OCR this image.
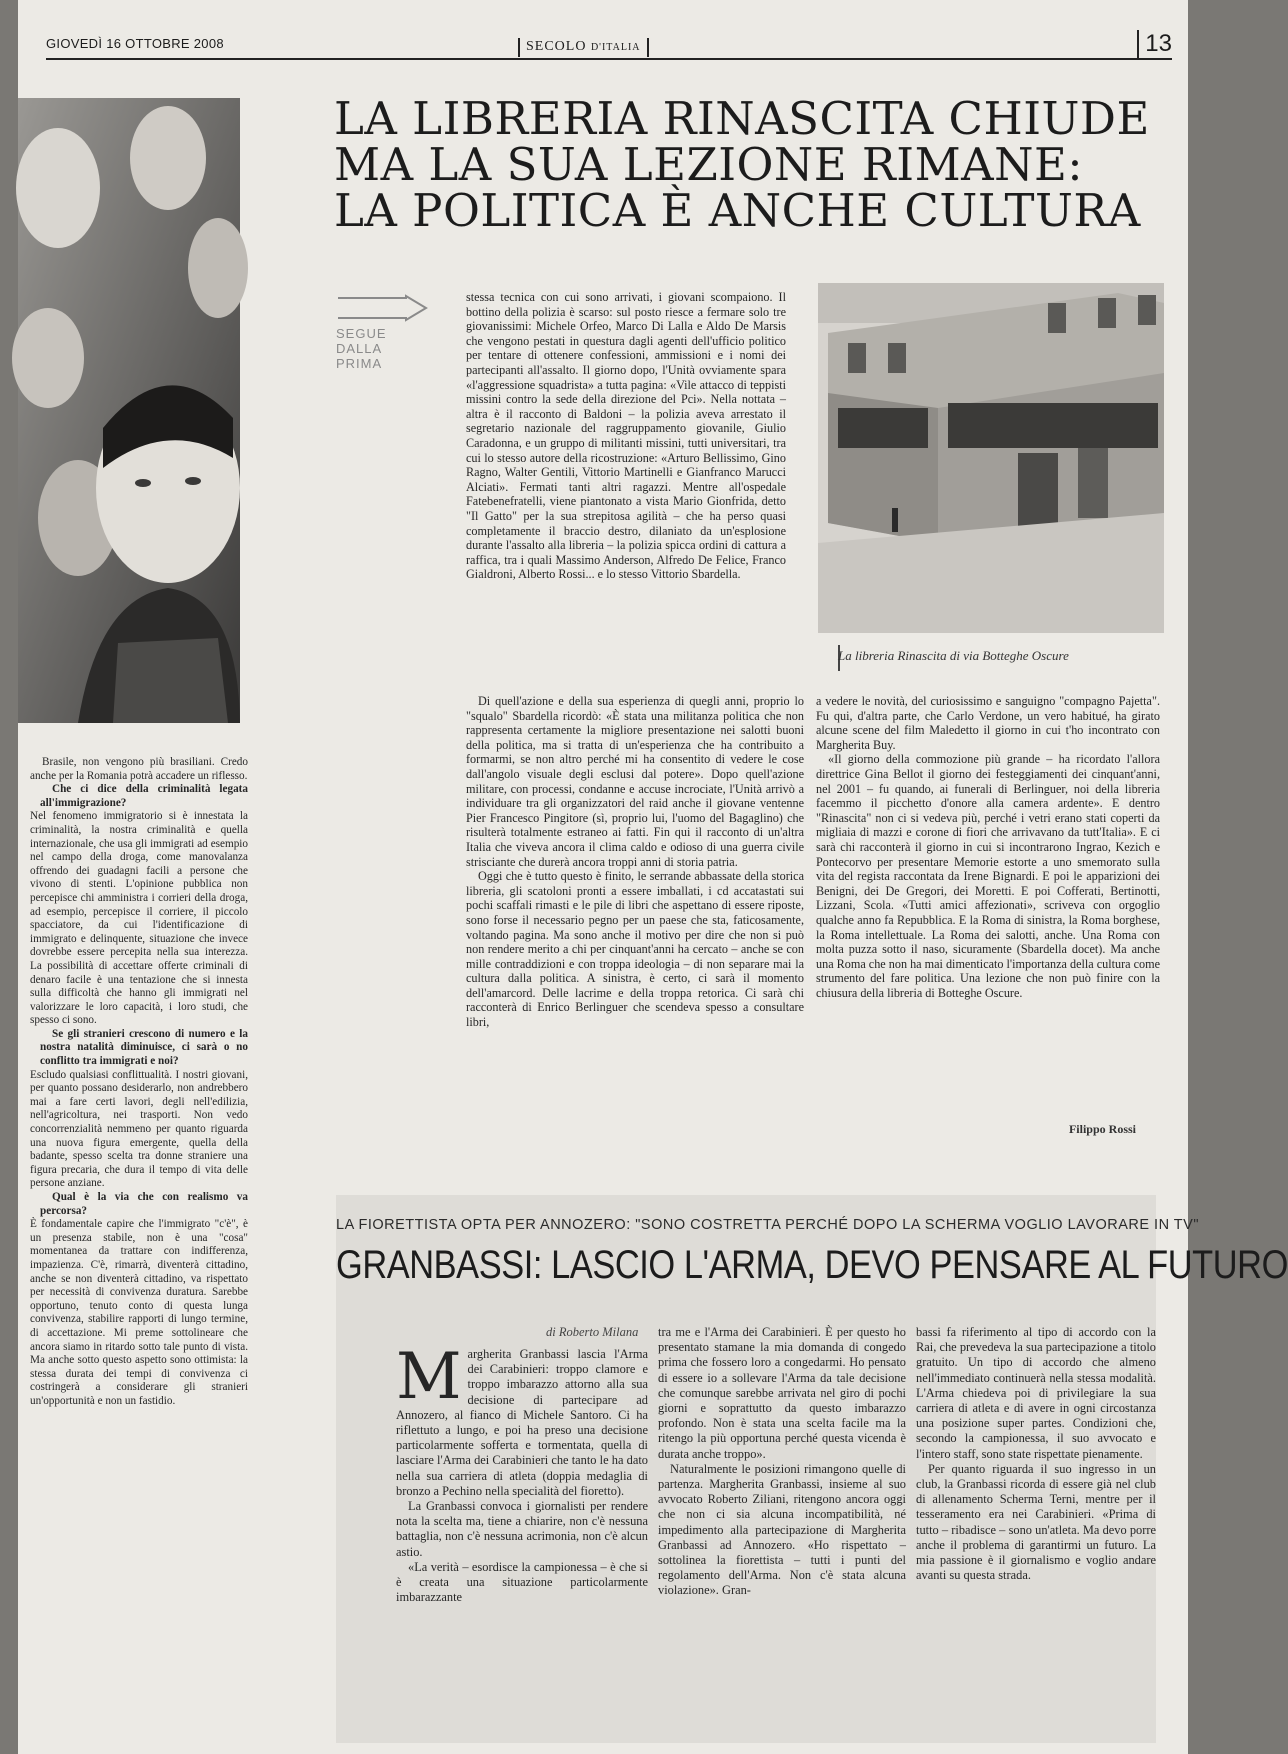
GIOVEDÌ 16 OTTOBRE 2008	SECOLO D'ITALIA	13
LA LIBRERIA RINASCITA CHIUDE
MA LA SUA LEZIONE RIMANE:
LA POLITICA È ANCHE CULTURA
SEGUE DALLA PRIMA

stessa tecnica con cui sono arrivati, i giovani scompaiono. Il bottino della polizia è scarso: sul posto riesce a fermare solo tre giovanissimi: Michele Orfeo, Marco Di Lalla e Aldo De Marsis che vengono pestati in questura dagli agenti dell'ufficio politico per tentare di ottenere confessioni, ammissioni e i nomi dei partecipanti all'assalto. Il giorno dopo, l'Unità ovviamente spara «l'aggressione squadrista» a tutta pagina: «Vile attacco di teppisti missini contro la sede della direzione del Pci». Nella nottata – altra è il racconto di Baldoni – la polizia aveva arrestato il segretario nazionale del raggruppamento giovanile, Giulio Caradonna, e un gruppo di militanti missini, tutti universitari, tra cui lo stesso autore della ricostruzione: «Arturo Bellissimo, Gino Ragno, Walter Gentili, Vittorio Martinelli e Gianfranco Marucci Alciati». Fermati tanti altri ragazzi. Mentre all'ospedale Fatebenefratelli, viene piantonato a vista Mario Gionfrida, detto "Il Gatto" per la sua strepitosa agilità – che ha perso quasi completamente il braccio destro, dilaniato da un'esplosione durante l'assalto alla libreria – la polizia spicca ordini di cattura a raffica, tra i quali Massimo Anderson, Alfredo De Felice, Franco Gialdroni, Alberto Rossi... e lo stesso Vittorio Sbardella.

La libreria Rinascita di via Botteghe Oscure

Di quell'azione e della sua esperienza di quegli anni, proprio lo "squalo" Sbardella ricordò: «È stata una militanza politica che non rappresenta certamente la migliore presentazione nei salotti buoni della politica, ma si tratta di un'esperienza che ha contribuito a formarmi, se non altro perché mi ha consentito di vedere le cose dall'angolo visuale degli esclusi dal potere». Dopo quell'azione militare, con processi, condanne e accuse incrociate, l'Unità arrivò a individuare tra gli organizzatori del raid anche il giovane ventenne Pier Francesco Pingitore (sì, proprio lui, l'uomo del Bagaglino) che risulterà totalmente estraneo ai fatti. Fin qui il racconto di un'altra Italia che viveva ancora il clima caldo e odioso di una guerra civile strisciante che durerà ancora troppi anni di storia patria.

Oggi che è tutto questo è finito, le serrande abbassate della storica libreria, gli scatoloni pronti a essere imballati, i cd accatastati sui pochi scaffali rimasti e le pile di libri che aspettano di essere riposte, sono forse il necessario pegno per un paese che sta, faticosamente, voltando pagina. Ma sono anche il motivo per dire che non si può non rendere merito a chi per cinquant'anni ha cercato – anche se con mille contraddizioni e con troppa ideologia – di non separare mai la cultura dalla politica. A sinistra, è certo, ci sarà il momento dell'amarcord. Delle lacrime e della troppa retorica. Ci sarà chi racconterà di Enrico Berlinguer che scendeva spesso a consultare libri,

a vedere le novità, del curiosissimo e sanguigno "compagno Pajetta". Fu qui, d'altra parte, che Carlo Verdone, un vero habitué, ha girato alcune scene del film Maledetto il giorno in cui t'ho incontrato con Margherita Buy.

«Il giorno della commozione più grande – ha ricordato l'allora direttrice Gina Bellot il giorno dei festeggiamenti dei cinquant'anni, nel 2001 – fu quando, ai funerali di Berlinguer, noi della libreria facemmo il picchetto d'onore alla camera ardente». E dentro "Rinascita" non ci si vedeva più, perché i vetri erano stati coperti da migliaia di mazzi e corone di fiori che arrivavano da tutt'Italia». E ci sarà chi racconterà il giorno in cui si incontrarono Ingrao, Kezich e Pontecorvo per presentare Memorie estorte a uno smemorato sulla vita del regista raccontata da Irene Bignardi. E poi le apparizioni dei Benigni, dei De Gregori, dei Moretti. E poi Cofferati, Bertinotti, Lizzani, Scola. «Tutti amici affezionati», scriveva con orgoglio qualche anno fa Repubblica. E la Roma di sinistra, la Roma borghese, la Roma intellettuale. La Roma dei salotti, anche. Una Roma con molta puzza sotto il naso, sicuramente (Sbardella docet). Ma anche una Roma che non ha mai dimenticato l'importanza della cultura come strumento del fare politica. Una lezione che non può finire con la chiusura della libreria di Botteghe Oscure.

Filippo Rossi

Brasile, non vengono più brasiliani. Credo anche per la Romania potrà accadere un riflesso.

Che ci dice della criminalità legata all'immigrazione?

Nel fenomeno immigratorio si è innestata la criminalità, la nostra criminalità e quella internazionale, che usa gli immigrati ad esempio nel campo della droga, come manovalanza offrendo dei guadagni facili a persone che vivono di stenti. L'opinione pubblica non percepisce chi amministra i corrieri della droga, ad esempio, percepisce il corriere, il piccolo spacciatore, da cui l'identificazione di immigrato e delinquente, situazione che invece dovrebbe essere percepita nella sua interezza. La possibilità di accettare offerte criminali di denaro facile è una tentazione che si innesta sulla difficoltà che hanno gli immigrati nel valorizzare le loro capacità, i loro studi, che spesso ci sono.

Se gli stranieri crescono di numero e la nostra natalità diminuisce, ci sarà o no conflitto tra immigrati e noi?

Escludo qualsiasi conflittualità. I nostri giovani, per quanto possano desiderarlo, non andrebbero mai a fare certi lavori, degli nell'edilizia, nell'agricoltura, nei trasporti. Non vedo concorrenzialità nemmeno per quanto riguarda una nuova figura emergente, quella della badante, spesso scelta tra donne straniere una figura precaria, che dura il tempo di vita delle persone anziane.

Qual è la via che con realismo va percorsa?

È fondamentale capire che l'immigrato "c'è", è un presenza stabile, non è una "cosa" momentanea da trattare con indifferenza, impazienza. C'è, rimarrà, diventerà cittadino, anche se non diventerà cittadino, va rispettato per necessità di convivenza duratura. Sarebbe opportuno, tenuto conto di questa lunga convivenza, stabilire rapporti di lungo termine, di accettazione. Mi preme sottolineare che ancora siamo in ritardo sotto tale punto di vista. Ma anche sotto questo aspetto sono ottimista: la stessa durata dei tempi di convivenza ci costringerà a considerare gli stranieri un'opportunità e non un fastidio.

LA FIORETTISTA OPTA PER ANNOZERO: "SONO COSTRETTA PERCHÉ DOPO LA SCHERMA VOGLIO LAVORARE IN TV"
GRANBASSI: LASCIO L'ARMA, DEVO PENSARE AL FUTURO
di Roberto Milana
M argherita Granbassi lascia l'Arma dei Carabinieri: troppo clamore e troppo imbarazzo attorno alla sua decisione di partecipare ad Annozero, al fianco di Michele Santoro. Ci ha riflettuto a lungo, e poi ha preso una decisione particolarmente sofferta e tormentata, quella di lasciare l'Arma dei Carabinieri che tanto le ha dato nella sua carriera di atleta (doppia medaglia di bronzo a Pechino nella specialità del fioretto).

La Granbassi convoca i giornalisti per rendere nota la scelta ma, tiene a chiarire, non c'è nessuna battaglia, non c'è nessuna acrimonia, non c'è alcun astio.

«La verità – esordisce la campionessa – è che si è creata una situazione particolarmente imbarazzante

tra me e l'Arma dei Carabinieri. È per questo ho presentato stamane la mia domanda di congedo prima che fossero loro a congedarmi. Ho pensato di essere io a sollevare l'Arma da tale decisione che comunque sarebbe arrivata nel giro di pochi giorni e soprattutto da questo imbarazzo profondo. Non è stata una scelta facile ma la ritengo la più opportuna perché questa vicenda è durata anche troppo».

Naturalmente le posizioni rimangono quelle di partenza. Margherita Granbassi, insieme al suo avvocato Roberto Ziliani, ritengono ancora oggi che non ci sia alcuna incompatibilità, né impedimento alla partecipazione di Margherita Granbassi ad Annozero. «Ho rispettato – sottolinea la fiorettista – tutti i punti del regolamento dell'Arma. Non c'è stata alcuna violazione». Gran-

bassi fa riferimento al tipo di accordo con la Rai, che prevedeva la sua partecipazione a titolo gratuito. Un tipo di accordo che almeno nell'immediato continuerà nella stessa modalità. L'Arma chiedeva poi di privilegiare la sua carriera di atleta e di avere in ogni circostanza una posizione super partes. Condizioni che, secondo la campionessa, il suo avvocato e l'intero staff, sono state rispettate pienamente.

Per quanto riguarda il suo ingresso in un club, la Granbassi ricorda di essere già nel club di allenamento Scherma Terni, mentre per il tesseramento era nei Carabinieri. «Prima di tutto – ribadisce – sono un'atleta. Ma devo porre anche il problema di garantirmi un futuro. La mia passione è il giornalismo e voglio andare avanti su questa strada.
